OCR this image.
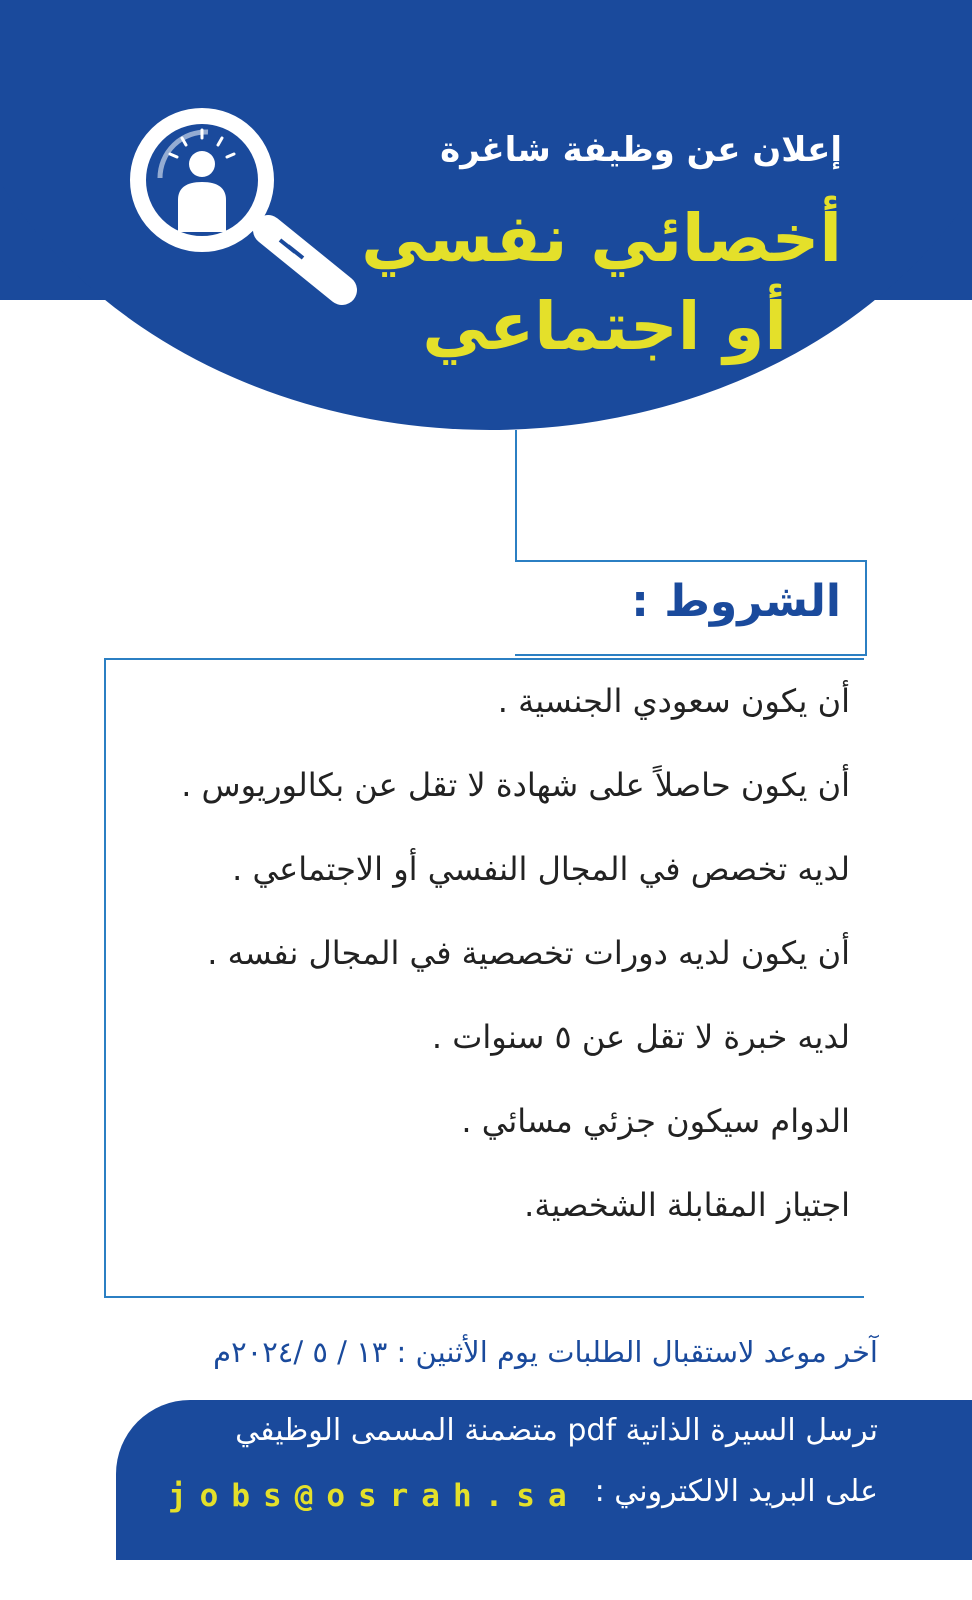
إعلان عن وظيفة شاغرة
أخصائي نفسي
أو اجتماعي
الشروط :
أن يكون سعودي الجنسية .
أن يكون حاصلاً على شهادة لا تقل عن بكالوريوس .
لديه تخصص في المجال النفسي أو الاجتماعي .
أن يكون لديه دورات تخصصية في المجال نفسه .
لديه خبرة لا تقل عن ٥ سنوات .
الدوام سيكون جزئي مسائي .
اجتياز المقابلة الشخصية.
آخر موعد لاستقبال الطلبات يوم الأثنين : ١٣ / ٥ /٢٠٢٤م
ترسل السيرة الذاتية pdf متضمنة المسمى الوظيفي
على البريد الالكتروني :
jobs@osrah.sa
